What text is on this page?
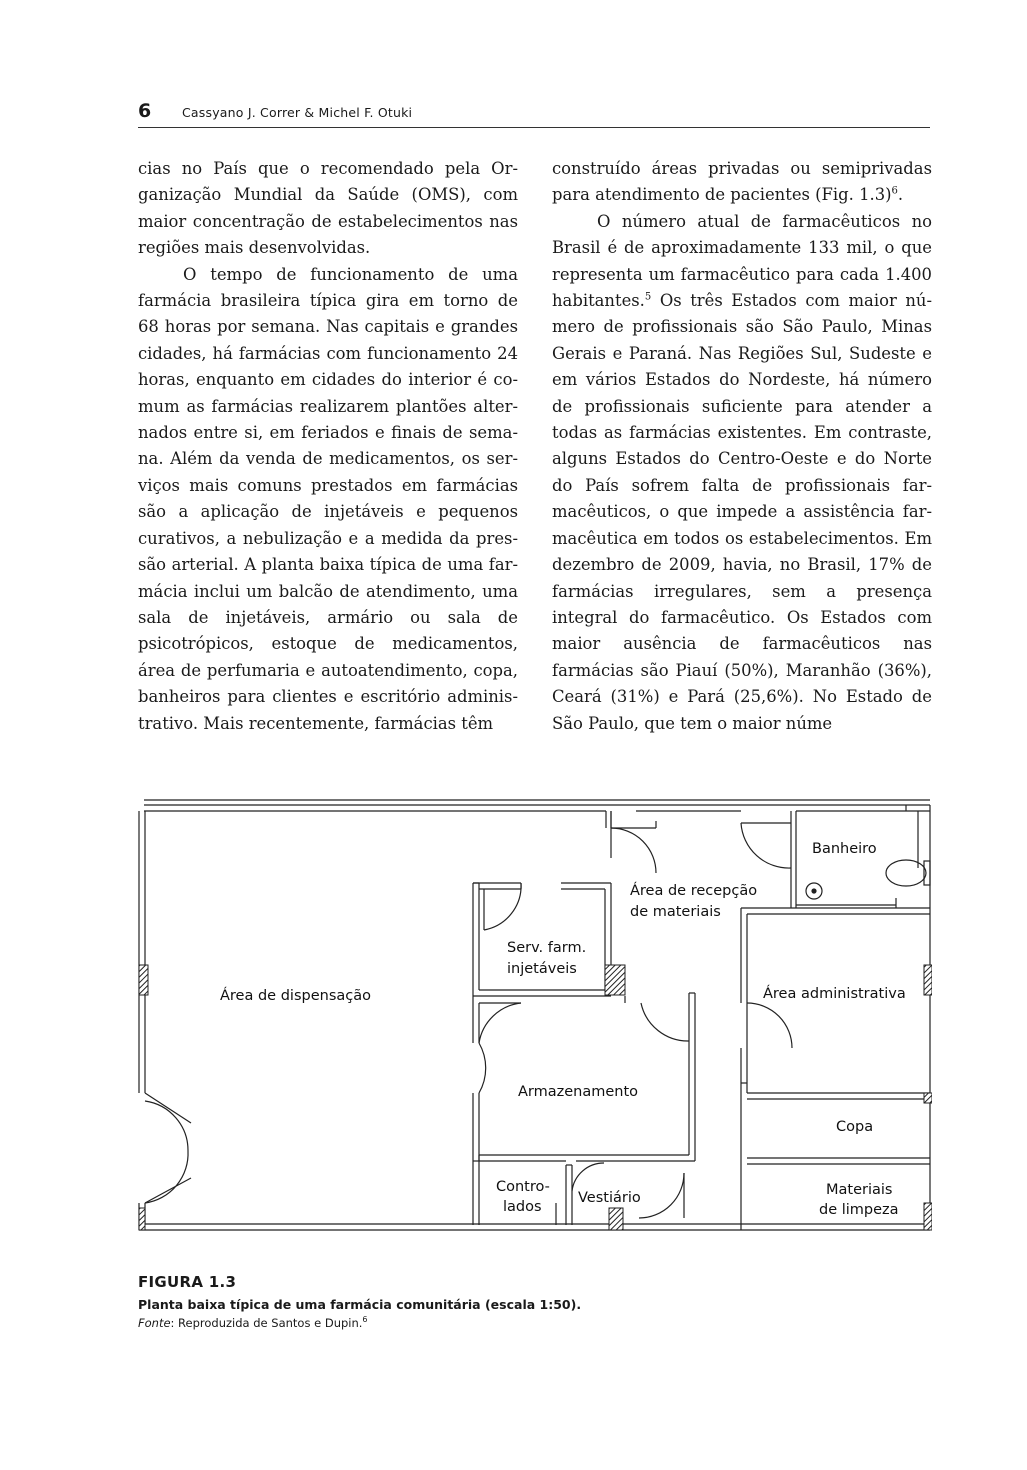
6 Cassyano J. Correr & Michel F. Otuki

cias no País que o recomendado pela Organização Mundial da Saúde (OMS), com maior concentração de estabelecimentos nas regiões mais desenvolvidas.

O tempo de funcionamento de uma farmácia brasileira típica gira em torno de 68 horas por semana. Nas capitais e grandes cidades, há farmácias com funcionamento 24 horas, enquanto em cidades do interior é comum as farmácias realizarem plantões alternados entre si, em feriados e finais de semana. Além da venda de medicamentos, os serviços mais comuns prestados em farmácias são a aplicação de injetáveis e pequenos curativos, a nebulização e a medida da pressão arterial. A planta baixa típica de uma farmácia inclui um balcão de atendimento, uma sala de injetáveis, armário ou sala de psicotrópicos, estoque de medicamentos, área de perfumaria e autoatendimento, copa, banheiros para clientes e escritório administrativo. Mais recentemente, farmácias têm

construído áreas privadas ou semiprivadas para atendimento de pacientes (Fig. 1.3)$^6$.

O número atual de farmacêuticos no Brasil é de aproximadamente 133 mil, o que representa um farmacêutico para cada 1.400 habitantes.$^5$ Os três Estados com maior número de profissionais são São Paulo, Minas Gerais e Paraná. Nas Regiões Sul, Sudeste e em vários Estados do Nordeste, há número de profissionais suficiente para atender a todas as farmácias existentes. Em contraste, alguns Estados do Centro-Oeste e do Norte do País sofrem falta de profissionais farmacêuticos, o que impede a assistência farmacêutica em todos os estabelecimentos. Em dezembro de 2009, havia, no Brasil, 17% de farmácias irregulares, sem a presença integral do farmacêutico. Os Estados com maior ausência de farmacêuticos nas farmácias são Piauí (50%), Maranhão (36%), Ceará (31%) e Pará (25,6%). No Estado de São Paulo, que tem o maior núme

Banheiro
Área de recepção
de materiais
Serv. farm.
injetáveis
Área de dispensação	Área administrativa
Armazenamento
Copa
Contro-
lados
Vestiário	Materiais
de limpeza
FIGURA 1.3
Planta baixa típica de uma farmácia comunitária (escala 1:50).
Fonte: Reproduzida de Santos e Dupin.$^6$
